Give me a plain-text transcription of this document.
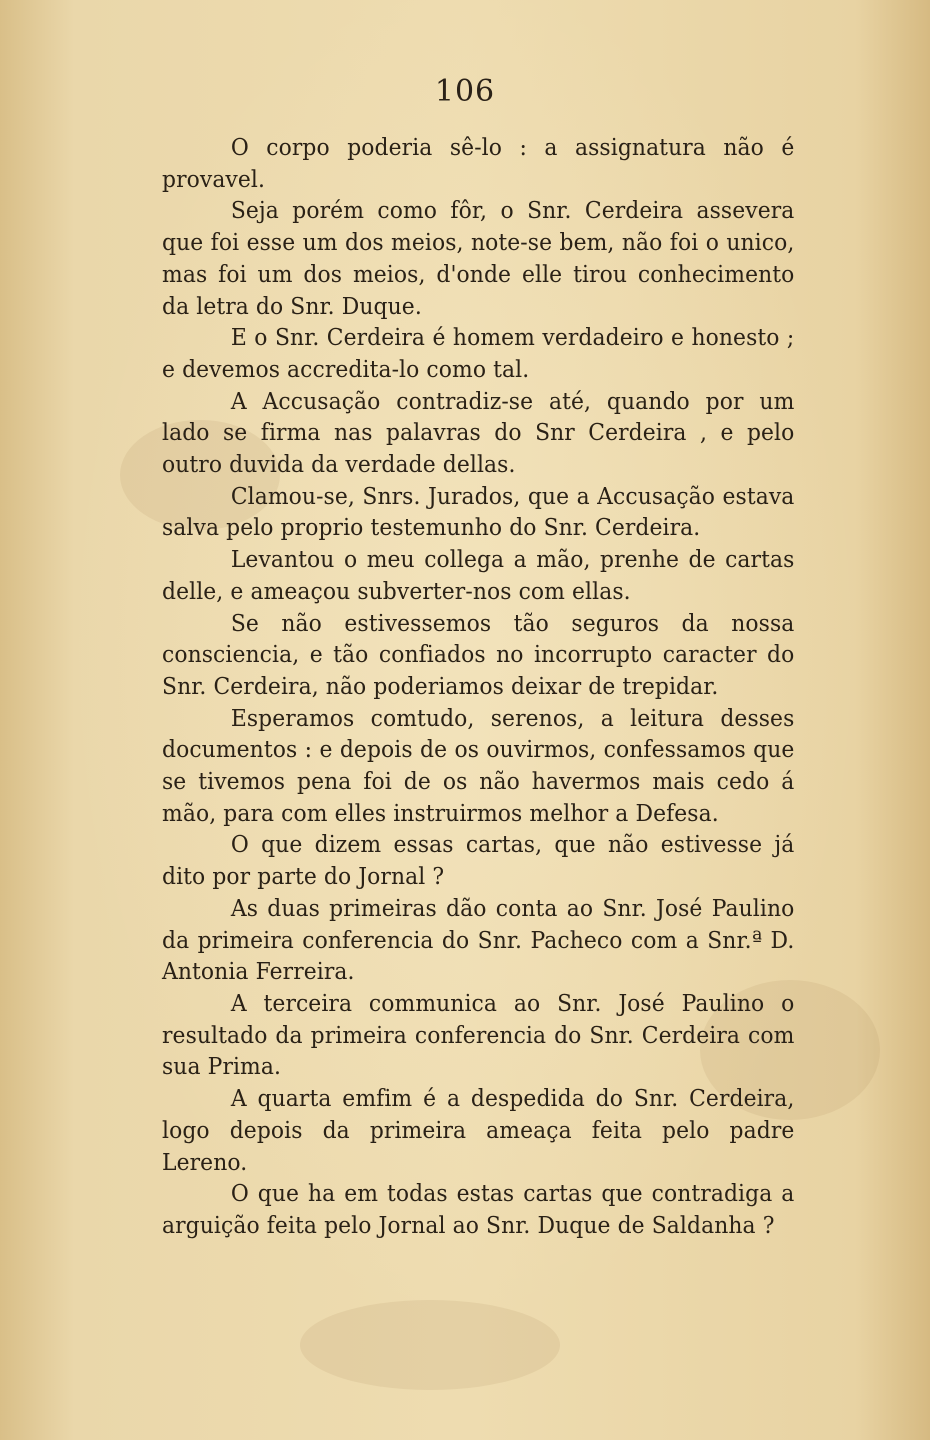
106

O corpo poderia sê-lo : a assignatura não é provavel.

Seja porém como fôr, o Snr. Cerdeira assevera que foi esse um dos meios, note-se bem, não foi o unico, mas foi um dos meios, d'onde elle tirou conhecimento da letra do Snr. Duque.

E o Snr. Cerdeira é homem verdadeiro e honesto ; e devemos accredita-lo como tal.

A Accusação contradiz-se até, quando por um lado se firma nas palavras do Snr Cerdeira , e pelo outro duvida da verdade dellas.

Clamou-se, Snrs. Jurados, que a Accusação estava salva pelo proprio testemunho do Snr. Cerdeira.

Levantou o meu collega a mão, prenhe de cartas delle, e ameaçou subverter-nos com ellas.

Se não estivessemos tão seguros da nossa consciencia, e tão confiados no incorrupto caracter do Snr. Cerdeira, não poderiamos deixar de trepidar.

Esperamos comtudo, serenos, a leitura desses documentos : e depois de os ouvirmos, confessamos que se tivemos pena foi de os não havermos mais cedo á mão, para com elles instruirmos melhor a Defesa.

O que dizem essas cartas, que não estivesse já dito por parte do Jornal ?

As duas primeiras dão conta ao Snr. José Paulino da primeira conferencia do Snr. Pacheco com a Snr.ª D. Antonia Ferreira.

A terceira communica ao Snr. José Paulino o resultado da primeira conferencia do Snr. Cerdeira com sua Prima.

A quarta emfim é a despedida do Snr. Cerdeira, logo depois da primeira ameaça feita pelo padre Lereno.

O que ha em todas estas cartas que contradiga a arguição feita pelo Jornal ao Snr. Duque de Saldanha ?
